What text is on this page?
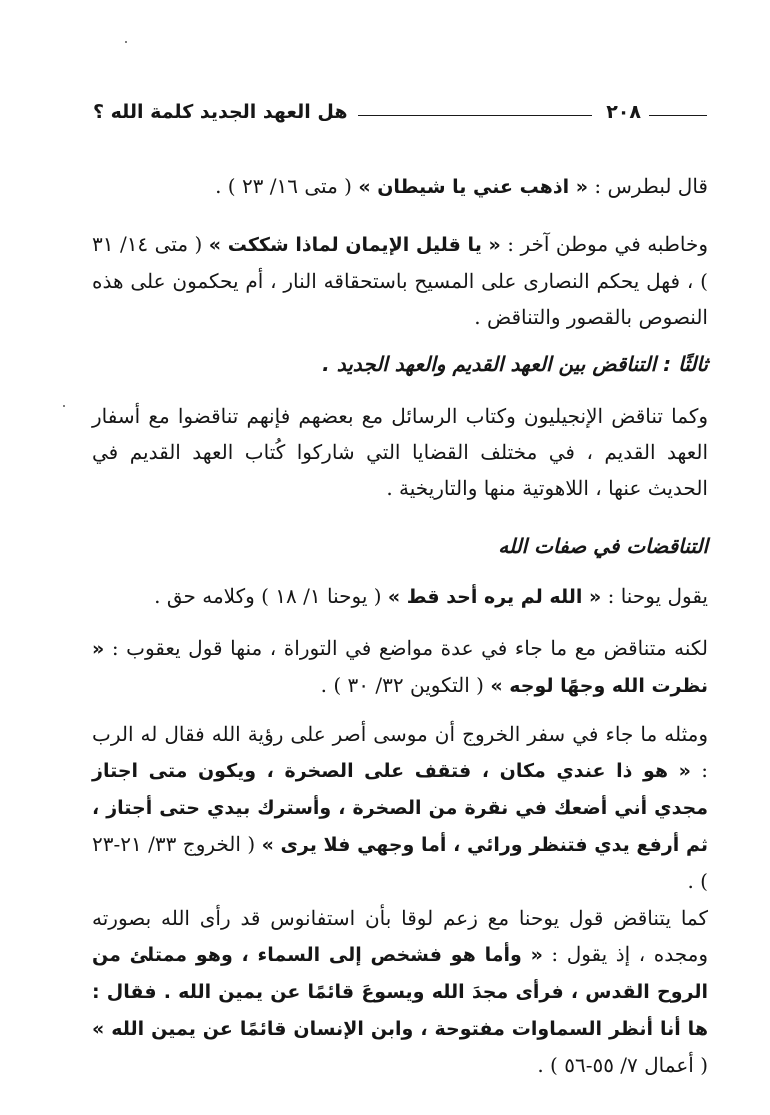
٢٠٨
هل العهد الجديد كلمة الله ؟

قال لبطرس : « اذهب عني يا شيطان » ( متى ١٦/ ٢٣ ) .

وخاطبه في موطن آخر : « يا قليل الإيمان لماذا شككت » ( متى ١٤/ ٣١ ) ، فهل يحكم النصارى على المسيح باستحقاقه النار ، أم يحكمون على هذه النصوص بالقصور والتناقض .

ثالثًا : التناقض بين العهد القديم والعهد الجديد .

وكما تناقض الإنجيليون وكتاب الرسائل مع بعضهم فإنهم تناقضوا مع أسفار العهد القديم ، في مختلف القضايا التي شاركوا كُتاب العهد القديم في الحديث عنها ، اللاهوتية منها والتاريخية .

التناقضات في صفات الله

يقول يوحنا : « الله لم يره أحد قط » ( يوحنا ١/ ١٨ ) وكلامه حق .

لكنه متناقض مع ما جاء في عدة مواضع في التوراة ، منها قول يعقوب : « نظرت الله وجهًا لوجه » ( التكوين ٣٢/ ٣٠ ) .

ومثله ما جاء في سفر الخروج أن موسى أصر على رؤية الله فقال له الرب : « هو ذا عندي مكان ، فتقف على الصخرة ، ويكون متى اجتاز مجدي أني أضعك في نقرة من الصخرة ، وأسترك بيدي حتى أجتاز ، ثم أرفع يدي فتنظر ورائي ، أما وجهي فلا يرى » ( الخروج ٣٣/ ٢١-٢٣ ) .

كما يتناقض قول يوحنا مع زعم لوقا بأن استفانوس قد رأى الله بصورته ومجده ، إذ يقول : « وأما هو فشخص إلى السماء ، وهو ممتلئ من الروح القدس ، فرأى مجدَ الله ويسوعَ قائمًا عن يمين الله . فقال : ها أنا أنظر السماوات مفتوحة ، وابن الإنسان قائمًا عن يمين الله » ( أعمال ٧/ ٥٥-٥٦ ) .
